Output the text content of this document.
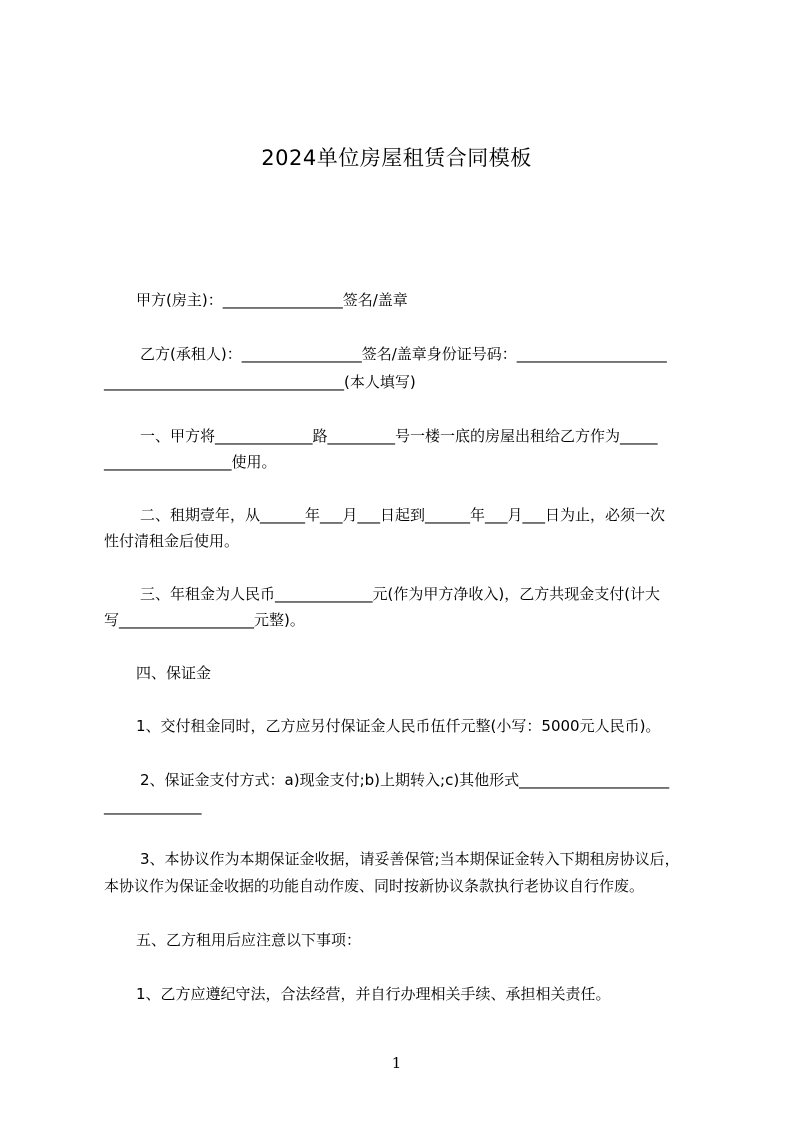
2024单位房屋租赁合同模板
甲方(房主)：________________签名/盖章
乙方(承租人)：________________签名/盖章身份证号码：____________________
________________________________(本人填写)
一、甲方将_____________路_________号一楼一底的房屋出租给乙方作为_____
_________________使用。
二、租期壹年，从______年___月___日起到______年___月___日为止，必须一次
性付清租金后使用。
三、年租金为人民币_____________元(作为甲方净收入)，乙方共现金支付(计大
写__________________元整)。
四、保证金
1、交付租金同时，乙方应另付保证金人民币伍仟元整(小写：5000元人民币)。
2、保证金支付方式：a)现金支付;b)上期转入;c)其他形式____________________
_____________
3、本协议作为本期保证金收据，请妥善保管;当本期保证金转入下期租房协议后，
本协议作为保证金收据的功能自动作废、同时按新协议条款执行老协议自行作废。
五、乙方租用后应注意以下事项：
1、乙方应遵纪守法，合法经营，并自行办理相关手续、承担相关责任。
1
